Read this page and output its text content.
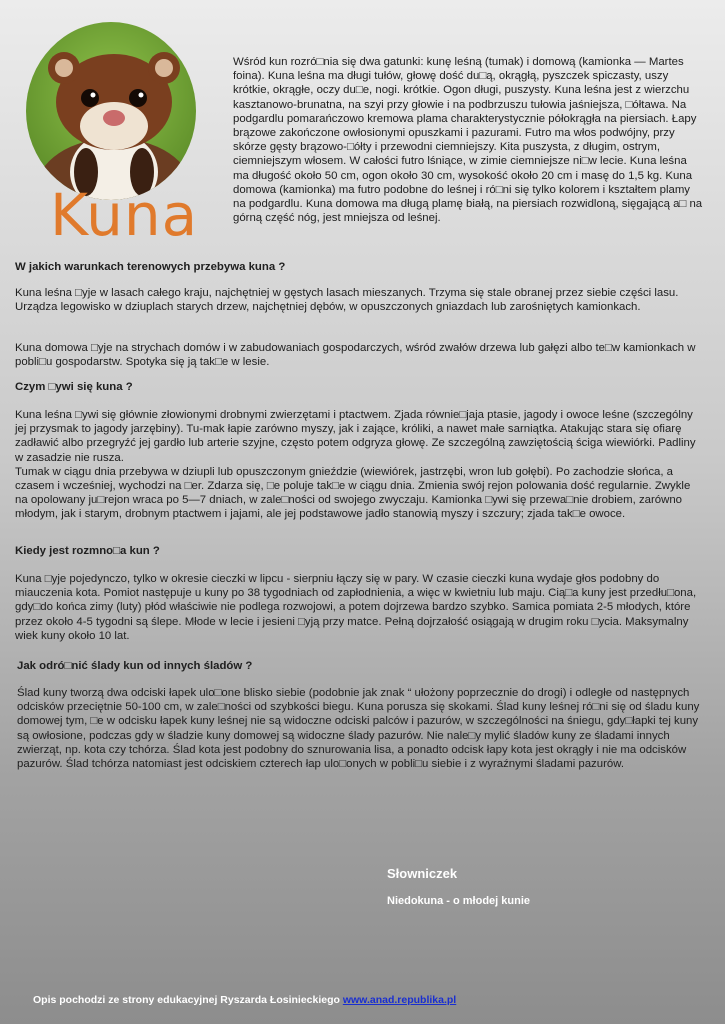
Kuna

Wśród kun rozró□nia się dwa gatunki: kunę leśną (tumak) i domową (kamionka — Martes foina). Kuna leśna ma długi tułów, głowę dość du□ą, okrągłą, pyszczek spiczasty, uszy krótkie, okrągłe, oczy du□e, nogi. krótkie. Ogon długi, puszysty. Kuna leśna jest z wierzchu kasztanowo-brunatna, na szyi przy głowie i na podbrzuszu tułowia jaśniejsza, □ółtawa. Na podgardlu pomarańczowo kremowa plama charakterystycznie półokrągła na piersiach. Łapy brązowe zakończone owłosionymi opuszkami i pazurami. Futro ma włos podwójny, przy skórze gęsty brązowo-□ółty i przewodni ciemniejszy. Kita puszysta, z długim, ostrym, ciemniejszym włosem. W całości futro lśniące, w zimie ciemniejsze ni□w lecie. Kuna leśna ma długość około 50 cm, ogon około 30 cm, wysokość około 20 cm i masę do 1,5 kg. Kuna domowa (kamionka) ma futro podobne do leśnej i ró□ni się tylko kolorem i kształtem plamy na podgardlu. Kuna domowa ma długą plamę białą, na piersiach rozwidloną, sięgającą a□ na górną część nóg, jest mniejsza od leśnej.

W jakich warunkach terenowych przebywa kuna ?

Kuna leśna □yje w lasach całego kraju, najchętniej w gęstych lasach mieszanych. Trzyma się stale obranej przez siebie części lasu. Urządza legowisko w dziuplach starych drzew, najchętniej dębów, w opuszczonych gniazdach lub zarośniętych kamionkach.

Kuna domowa □yje na strychach domów i w zabudowaniach gospodarczych, wśród zwałów drzewa lub gałęzi albo te□w kamionkach w pobli□u gospodarstw. Spotyka się ją tak□e w lesie.

Czym □ywi się kuna ?

Kuna leśna □ywi się głównie złowionymi drobnymi zwierzętami i ptactwem. Zjada równie□jaja ptasie, jagody i owoce leśne (szczególny jej przysmak to jagody jarzębiny). Tu-mak łapie zarówno myszy, jak i zające, króliki, a nawet małe sarniątka. Atakując stara się ofiarę zadławić albo przegryźć jej gardło lub arterie szyjne, często potem odgryza głowę. Ze szczególną zawziętością ściga wiewiórki. Padliny w zasadzie nie rusza.
Tumak w ciągu dnia przebywa w dziupli lub opuszczonym gnieździe (wiewiórek, jastrzębi, wron lub gołębi). Po zachodzie słońca, a czasem i wcześniej, wychodzi na □er. Zdarza się, □e poluje tak□e w ciągu dnia. Zmienia swój rejon polowania dość regularnie. Zwykle na opolowany ju□rejon wraca po 5—7 dniach, w zale□ności od swojego zwyczaju. Kamionka □ywi się przewa□nie drobiem, zarówno młodym, jak i starym, drobnym ptactwem i jajami, ale jej podstawowe jadło stanowią myszy i szczury; zjada tak□e owoce.

Kiedy jest rozmno□a kun ?

Kuna □yje pojedynczo, tylko w okresie cieczki w lipcu - sierpniu łączy się w pary. W czasie cieczki kuna wydaje głos podobny do miauczenia kota. Pomiot następuje u kuny po 38 tygodniach od zapłodnienia, a więc w kwietniu lub maju. Cią□a kuny jest przedłu□ona, gdy□do końca zimy (luty) płód właściwie nie podlega rozwojowi, a potem dojrzewa bardzo szybko. Samica pomiata 2-5 młodych, które przez około 4-5 tygodni są ślepe. Młode w lecie i jesieni □yją przy matce. Pełną dojrzałość osiągają w drugim roku □ycia. Maksymalny wiek kuny około 10 lat.

Jak odró□nić ślady kun od innych śladów ?

Ślad kuny tworzą dwa odciski łapek ulo□one blisko siebie (podobnie jak znak “ ułożony poprzecznie do drogi) i odległe od następnych odcisków przeciętnie 50-100 cm, w zale□ności od szybkości biegu. Kuna porusza się skokami. Ślad kuny leśnej ró□ni się od śladu kuny domowej tym, □e w odcisku łapek kuny leśnej nie są widoczne odciski palców i pazurów, w szczególności na śniegu, gdy□łapki tej kuny są owłosione, podczas gdy w śladzie kuny domowej są widoczne ślady pazurów. Nie nale□y mylić śladów kuny ze śladami innych zwierząt, np. kota czy tchórza. Ślad kota jest podobny do sznurowania lisa, a ponadto odcisk łapy kota jest okrągły i nie ma odcisków pazurów. Ślad tchórza natomiast jest odciskiem czterech łap ulo□onych w pobli□u siebie i z wyraźnymi śladami pazurów.

Słowniczek
Niedokuna - o młodej kunie
Opis pochodzi ze strony edukacyjnej Ryszarda Łosinieckiego www.anad.republika.pl
